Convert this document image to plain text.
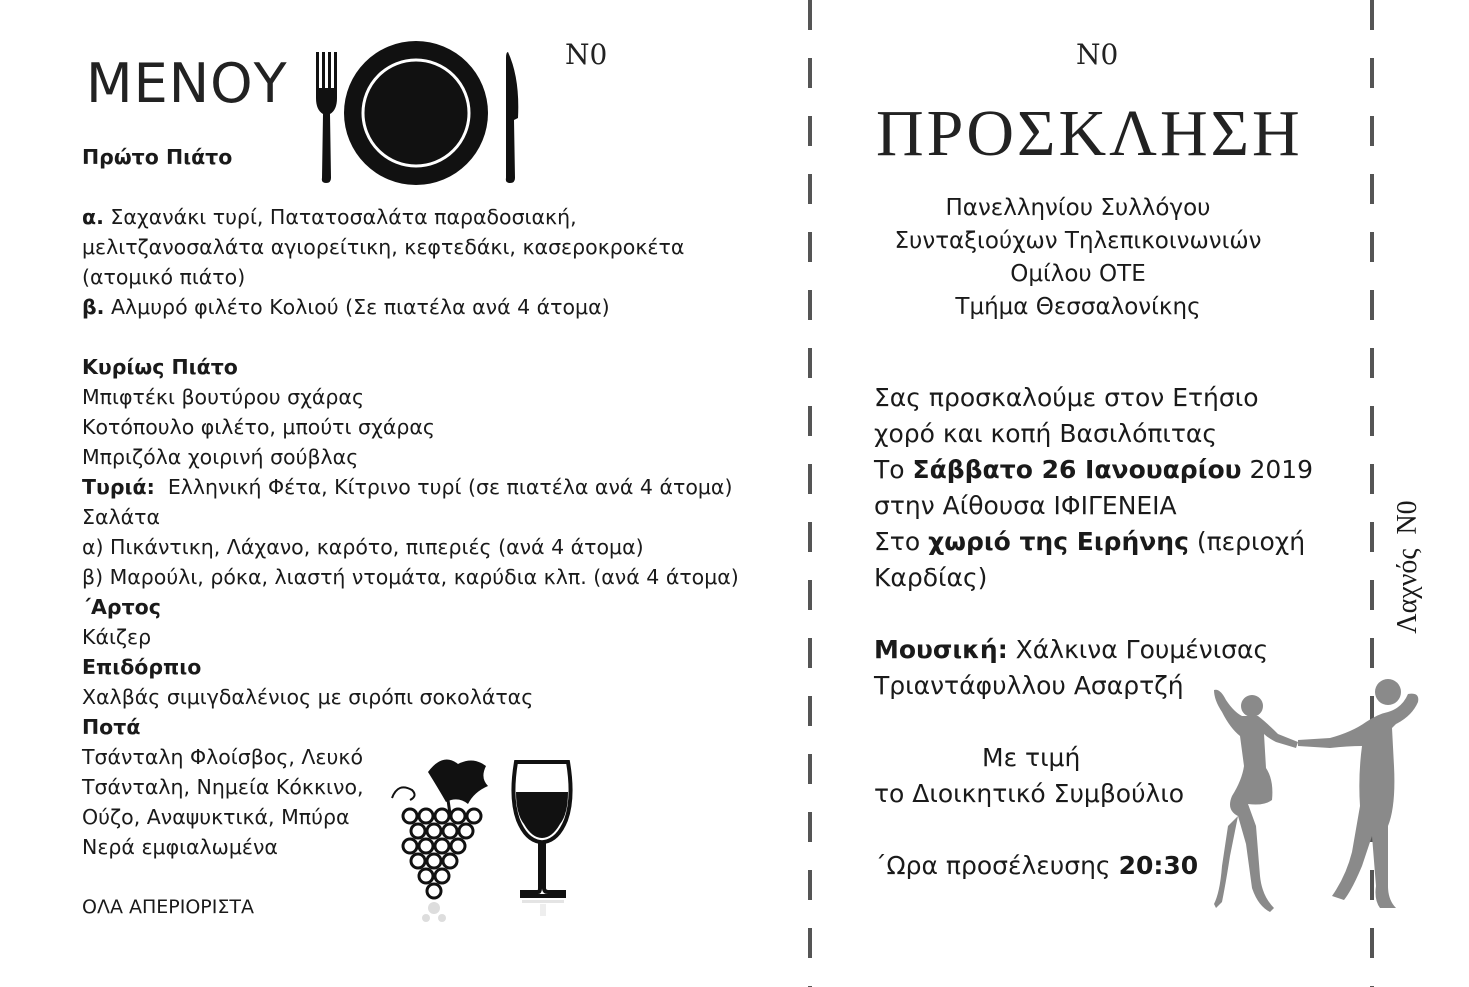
ΜΕΝΟΥ	Ν0
Πρώτο Πιάτο
α. Σαχανάκι τυρί, Πατατοσαλάτα παραδοσιακή,
μελιτζανοσαλάτα αγιορείτικη, κεφτεδάκι, κασεροκροκέτα
(ατομικό πιάτο)
β. Αλμυρό φιλέτο Κολιού (Σε πιατέλα ανά 4 άτομα)
Κυρίως Πιάτο
Μπιφτέκι βουτύρου σχάρας
Κοτόπουλο φιλέτο, μπούτι σχάρας
Μπριζόλα χοιρινή σούβλας
Τυριά: Ελληνική Φέτα, Κίτρινο τυρί (σε πιατέλα ανά 4 άτομα)
Σαλάτα
α) Πικάντικη, Λάχανο, καρότο, πιπεριές (ανά 4 άτομα)
β) Μαρούλι, ρόκα, λιαστή ντομάτα, καρύδια κλπ. (ανά 4 άτομα)
΄Αρτος
Κάιζερ
Επιδόρπιο
Χαλβάς σιμιγδαλένιος με σιρόπι σοκολάτας
Ποτά
Τσάνταλη Φλοίσβος, Λευκό
Τσάνταλη, Νημεία Κόκκινο,
Ούζο, Αναψυκτικά, Μπύρα
Νερά εμφιαλωμένα
ΟΛΑ ΑΠΕΡΙΟΡΙΣΤΑ
Ν0
ΠΡΟΣΚΛΗΣΗ
Πανελληνίου Συλλόγου
Συνταξιούχων Τηλεπικοινωνιών
Ομίλου ΟΤΕ
Τμήμα Θεσσαλονίκης
Σας προσκαλούμε στον Ετήσιο
χορό και κοπή Βασιλόπιτας
Το Σάββατο 26 Ιανουαρίου 2019
στην Αίθουσα ΙΦΙΓΕΝΕΙΑ
Στο χωριό της Ειρήνης (περιοχή
Καρδίας)
Μουσική: Χάλκινα Γουμένισας
Τριαντάφυλλου Ασαρτζή
Με τιμή
το Διοικητικό Συμβούλιο
΄Ωρα προσέλευσης 20:30
Λαχνός  Ν0
